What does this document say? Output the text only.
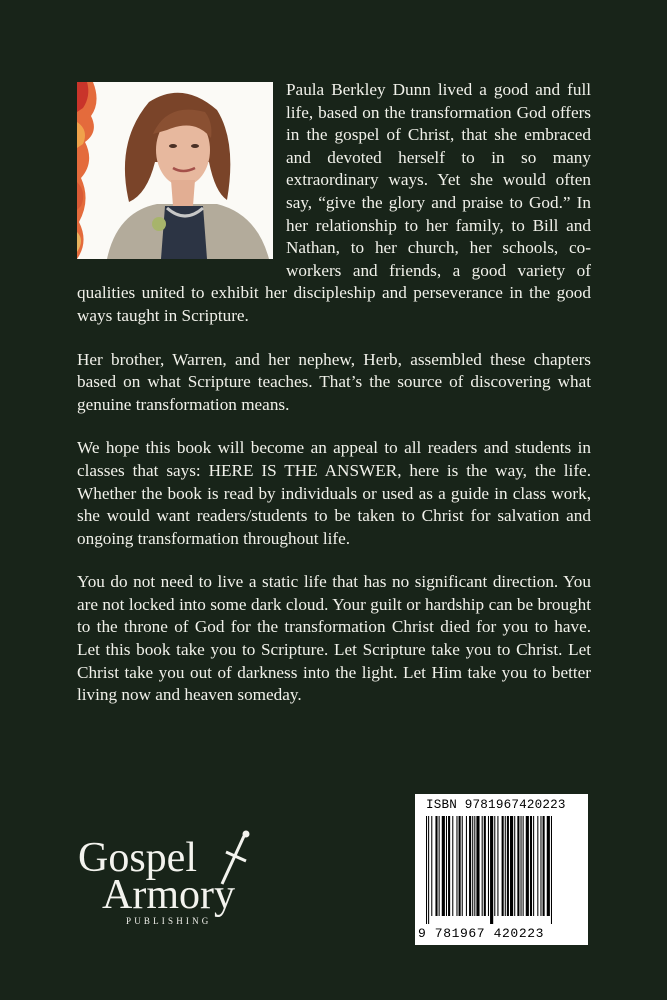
Paula Berkley Dunn lived a good and full life, based on the transformation God offers in the gospel of Christ, that she embraced and devoted herself to in so many extraordinary ways. Yet she would often say, “give the glory and praise to God.” In her relationship to her family, to Bill and Nathan, to her church, her schools, co-workers and friends, a good variety of qualities united to exhibit her discipleship and perseverance in the good ways taught in Scripture.

Her brother, Warren, and her nephew, Herb, assembled these chapters based on what Scripture teaches. That’s the source of discovering what genuine transformation means.

We hope this book will become an appeal to all readers and students in classes that says: HERE IS THE ANSWER, here is the way, the life. Whether the book is read by individuals or used as a guide in class work, she would want readers/students to be taken to Christ for salvation and ongoing transformation throughout life.

You do not need to live a static life that has no significant direction. You are not locked into some dark cloud. Your guilt or hardship can be brought to the throne of God for the transformation Christ died for you to have. Let this book take you to Scripture. Let Scripture take you to Christ. Let Christ take you out of darkness into the light. Let Him take you to better living now and heaven someday.

Gospel
Armory
PUBLISHING
ISBN 9781967420223
9 781967 420223
